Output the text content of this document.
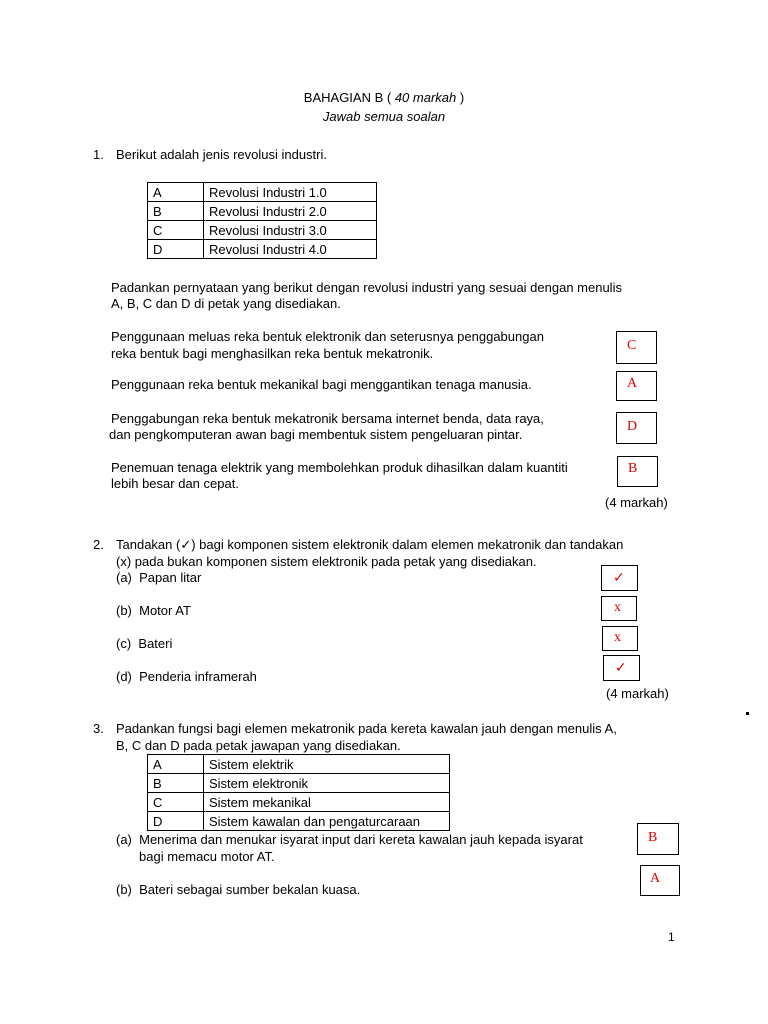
BAHAGIAN B ( 40 markah )
Jawab semua soalan
1. Berikut adalah jenis revolusi industri.
A	Revolusi Industri 1.0
B	Revolusi Industri 2.0
C	Revolusi Industri 3.0
D	Revolusi Industri 4.0
Padankan pernyataan yang berikut dengan revolusi industri yang sesuai dengan menulis
A, B, C dan D di petak yang disediakan.
Penggunaan meluas reka bentuk elektronik dan seterusnya penggabungan
reka bentuk bagi menghasilkan reka bentuk mekatronik.
C
Penggunaan reka bentuk mekanikal bagi menggantikan tenaga manusia.	A
Penggabungan reka bentuk mekatronik bersama internet benda, data raya,
dan pengkomputeran awan bagi membentuk sistem pengeluaran pintar.
D
Penemuan tenaga elektrik yang membolehkan produk dihasilkan dalam kuantiti
lebih besar dan cepat.
B
(4 markah)
2. Tandakan (✓) bagi komponen sistem elektronik dalam elemen mekatronik dan tandakan
(x) pada bukan komponen sistem elektronik pada petak yang disediakan.
(a) Papan litar	✓
(b) Motor AT	x
(c) Bateri	x
(d) Penderia inframerah
✓
(4 markah)
3. Padankan fungsi bagi elemen mekatronik pada kereta kawalan jauh dengan menulis A,
B, C dan D pada petak jawapan yang disediakan.
A	Sistem elektrik
B	Sistem elektronik
C	Sistem mekanikal
D	Sistem kawalan dan pengaturcaraan
(a) Menerima dan menukar isyarat input dari kereta kawalan jauh kepada isyarat
bagi memacu motor AT.
B
(b) Bateri sebagai sumber bekalan kuasa.
A
1
